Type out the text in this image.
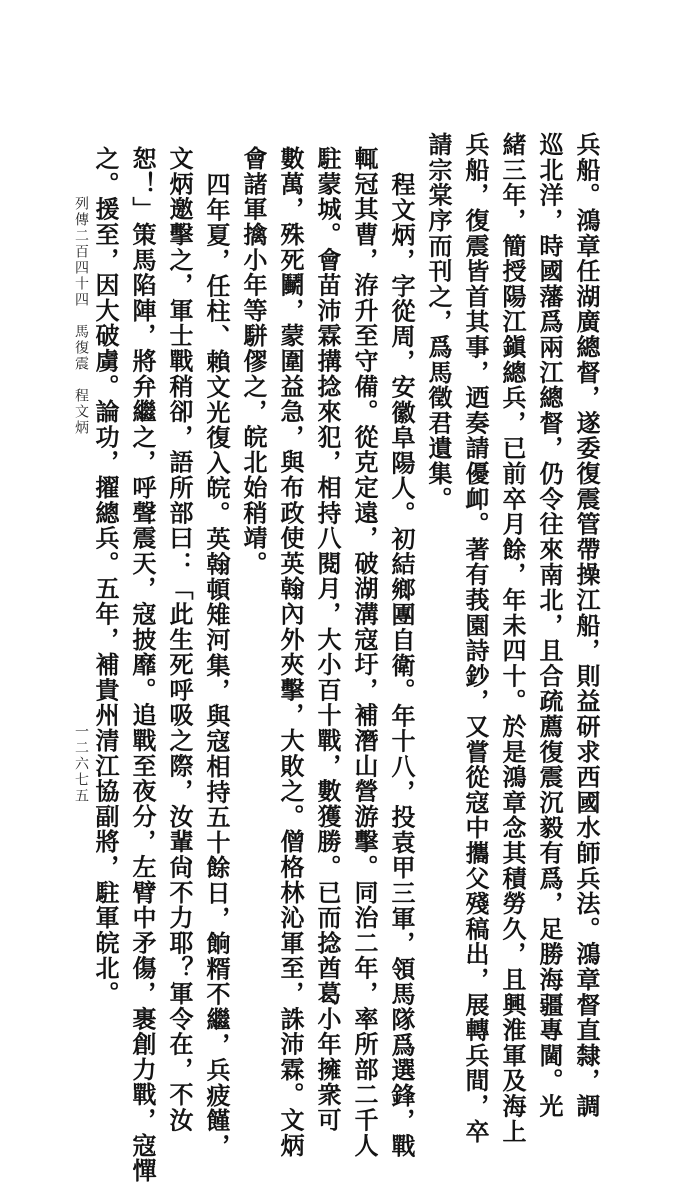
列傳二百四十四　馬復震　程文炳
一二六七五	兵船。鴻章任湖廣總督，遂委復震管帶操江船，則益研求西國水師兵法。鴻章督直隸，調
巡北洋，時國藩爲兩江總督，仍令往來南北，且合疏薦復震沉毅有爲，足勝海疆專閫。光
緒三年，簡授陽江鎭總兵，已前卒月餘，年未四十。於是鴻章念其積勞久，且興淮軍及海上
兵船，復震皆首其事，迺奏請優卹。著有莪園詩鈔，又嘗從寇中攜父殘稿出，展轉兵間，卒
請宗棠序而刊之，爲馬徵君遺集。
程文炳，字從周，安徽阜陽人。初結鄉團自衛。年十八，投袁甲三軍，領馬隊爲選鋒，戰
輒冠其曹，洊升至守備。從克定遠，破湖溝寇圩，補潛山營游擊。同治二年，率所部二千人
駐蒙城。會苗沛霖搆捻來犯，相持八閱月，大小百十戰，數獲勝。已而捻酋葛小年擁衆可
數萬，殊死鬭，蒙圍益急，與布政使英翰內外夾擊，大敗之。僧格林沁軍至，誅沛霖。文炳
會諸軍擒小年等駢僇之，皖北始稍靖。
四年夏，任柱、賴文光復入皖。英翰頓雉河集，與寇相持五十餘日，餉糈不繼，兵疲饉，
文炳邀擊之，軍士戰稍卻，語所部曰：「此生死呼吸之際，汝輩尙不力耶？軍令在，不汝
恕！」策馬陷陣，將弁繼之，呼聲震天，寇披靡。追戰至夜分，左臂中矛傷，裹創力戰，寇憚
之。援至，因大破虜。論功，擢總兵。五年，補貴州清江協副將，駐軍皖北。
